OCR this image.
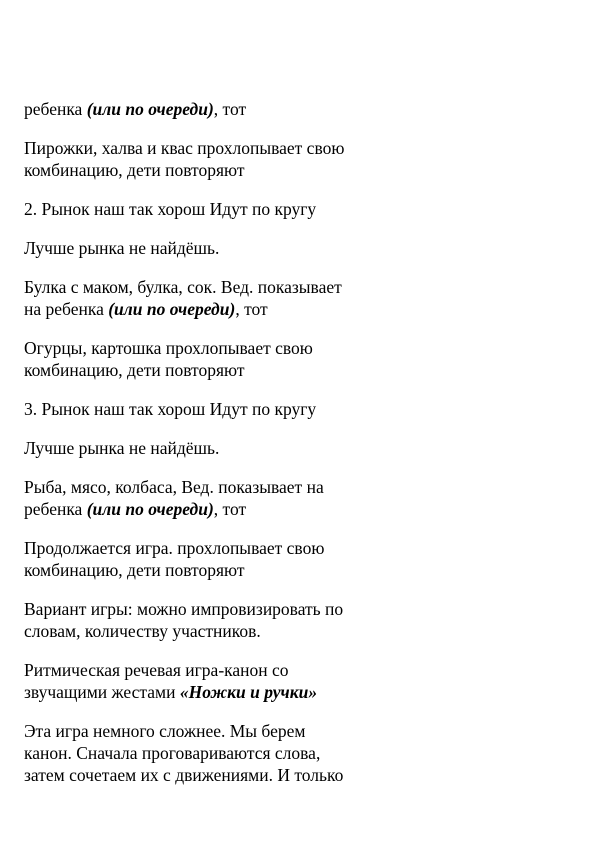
ребенка (или по очереди), тот

Пирожки, халва и квас прохлопывает свою
комбинацию, дети повторяют

2. Рынок наш так хорош Идут по кругу

Лучше рынка не найдёшь.

Булка с маком, булка, сок. Вед. показывает
на ребенка (или по очереди), тот

Огурцы, картошка прохлопывает свою
комбинацию, дети повторяют

3. Рынок наш так хорош Идут по кругу

Лучше рынка не найдёшь.

Рыба, мясо, колбаса, Вед. показывает на
ребенка (или по очереди), тот

Продолжается игра. прохлопывает свою
комбинацию, дети повторяют

Вариант игры: можно импровизировать по
словам, количеству участников.

Ритмическая речевая игра-канон со
звучащими жестами «Ножки и ручки»

Эта игра немного сложнее. Мы берем
канон. Сначала проговариваются слова,
затем сочетаем их с движениями. И только
